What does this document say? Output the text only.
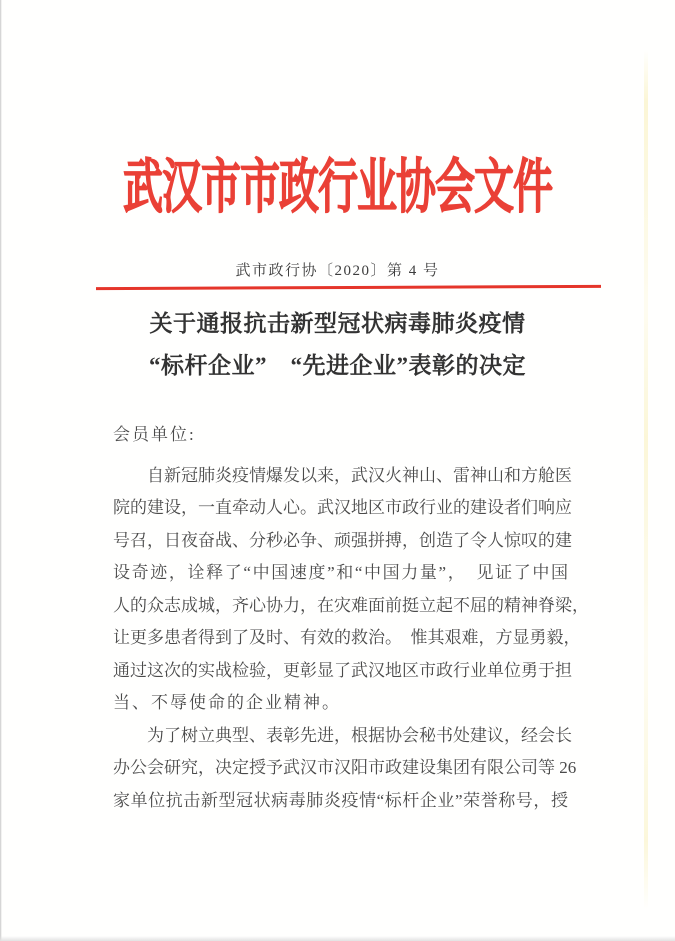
武汉市市政行业协会文件
武市政行协〔2020〕第 4 号
关于通报抗击新型冠状病毒肺炎疫情
“标杆企业”　“先进企业”表彰的决定
会员单位:
自新冠肺炎疫情爆发以来，武汉火神山、雷神山和方舱医
院的建设，一直牵动人心。武汉地区市政行业的建设者们响应
号召，日夜奋战、分秒必争、顽强拼搏，创造了令人惊叹的建
设奇迹，诠释了“中国速度”和“中国力量”，　见证了中国
人的众志成城，齐心协力，在灾难面前挺立起不屈的精神脊梁，
让更多患者得到了及时、有效的救治。　惟其艰难，方显勇毅，
通过这次的实战检验，更彰显了武汉地区市政行业单位勇于担
当、不辱使命的企业精神。
为了树立典型、表彰先进，根据协会秘书处建议，经会长
办公会研究，决定授予武汉市汉阳市政建设集团有限公司等 26
家单位抗击新型冠状病毒肺炎疫情“标杆企业”荣誉称号，授
